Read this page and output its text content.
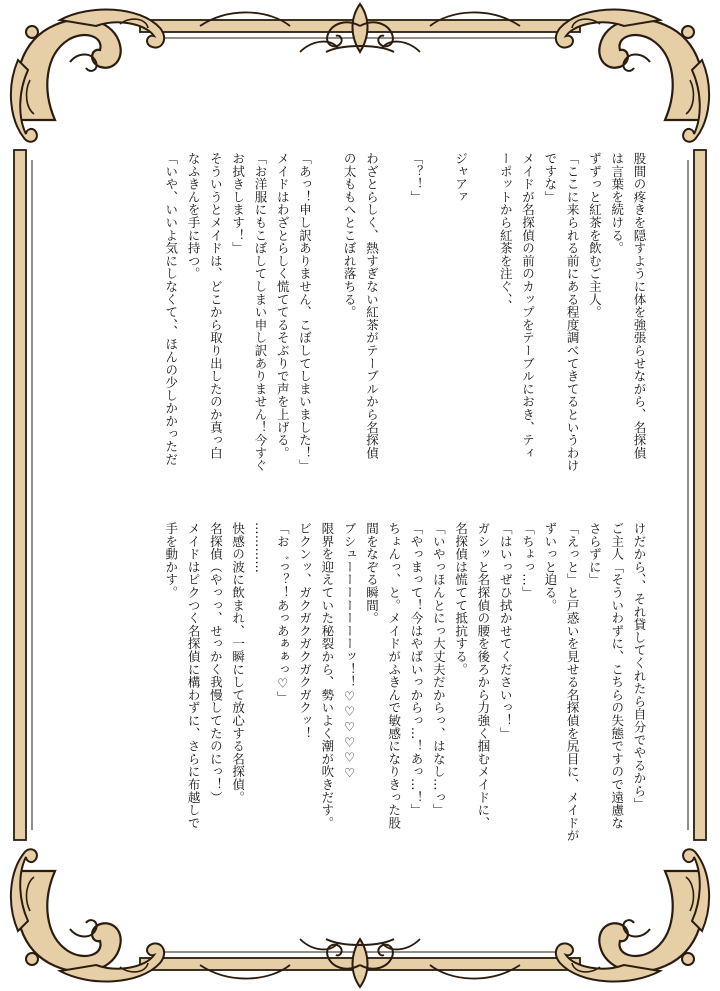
股間の疼きを隠すように体を強張らせながら、名探偵
は言葉を続ける。
ずずっと紅茶を飲むご主人。
「ここに来られる前にある程度調べてきてるというわけ
ですな」
メイドが名探偵の前のカップをテーブルにおき、ティ
ーポットから紅茶を注ぐ、、

ジャアァ

「？！」

わざとらしく、熱すぎない紅茶がテーブルから名探偵
の太ももへとこぼれ落ちる。

「あっ！申し訳ありません、こぼしてしまいました！」
メイドはわざとらしく慌ててるそぶりで声を上げる。
「お洋服にもこぼしてしまい申し訳ありません！今すぐ
お拭きします！」
そういうとメイドは、どこから取り出したのか真っ白
なふきんを手に持つ。
「いや、いいよ気にしなくて、、ほんの少しかかっただ
けだから、、それ貸してくれたら自分でやるから」
ご主人「そういわずに、こちらの失態ですので遠慮な
さらずに」
「えっと」と戸惑いを見せる名探偵を尻目に、メイドが
ずいっと迫る。
「ちょっ…」
「はいっぜひ拭かせてくださいっ！」
ガシッと名探偵の腰を後ろから力強く掴むメイドに、
名探偵は慌てて抵抗する。
「いやっほんとにっ大丈夫だからっ、はなし…っ」
「やっまって！今はやばいっからっ…！あっ…！」
ちょんっ、と。メイドがふきんで敏感になりきった股
間をなぞる瞬間。
ブシューーーーーーーッ！！♡♡♡♡♡♡
限界を迎えていた秘裂から、勢いよく潮が吹きだす。
ビクンッ、ガクガクガクガクガクッ！
「お゛っ？！あっあぁぁっ♡」
…………
快感の波に飲まれ、一瞬にして放心する名探偵。
名探偵（やっっ、せっかく我慢してたのにっ！）
メイドはピクつく名探偵に構わずに、さらに布越しで
手を動かす。
